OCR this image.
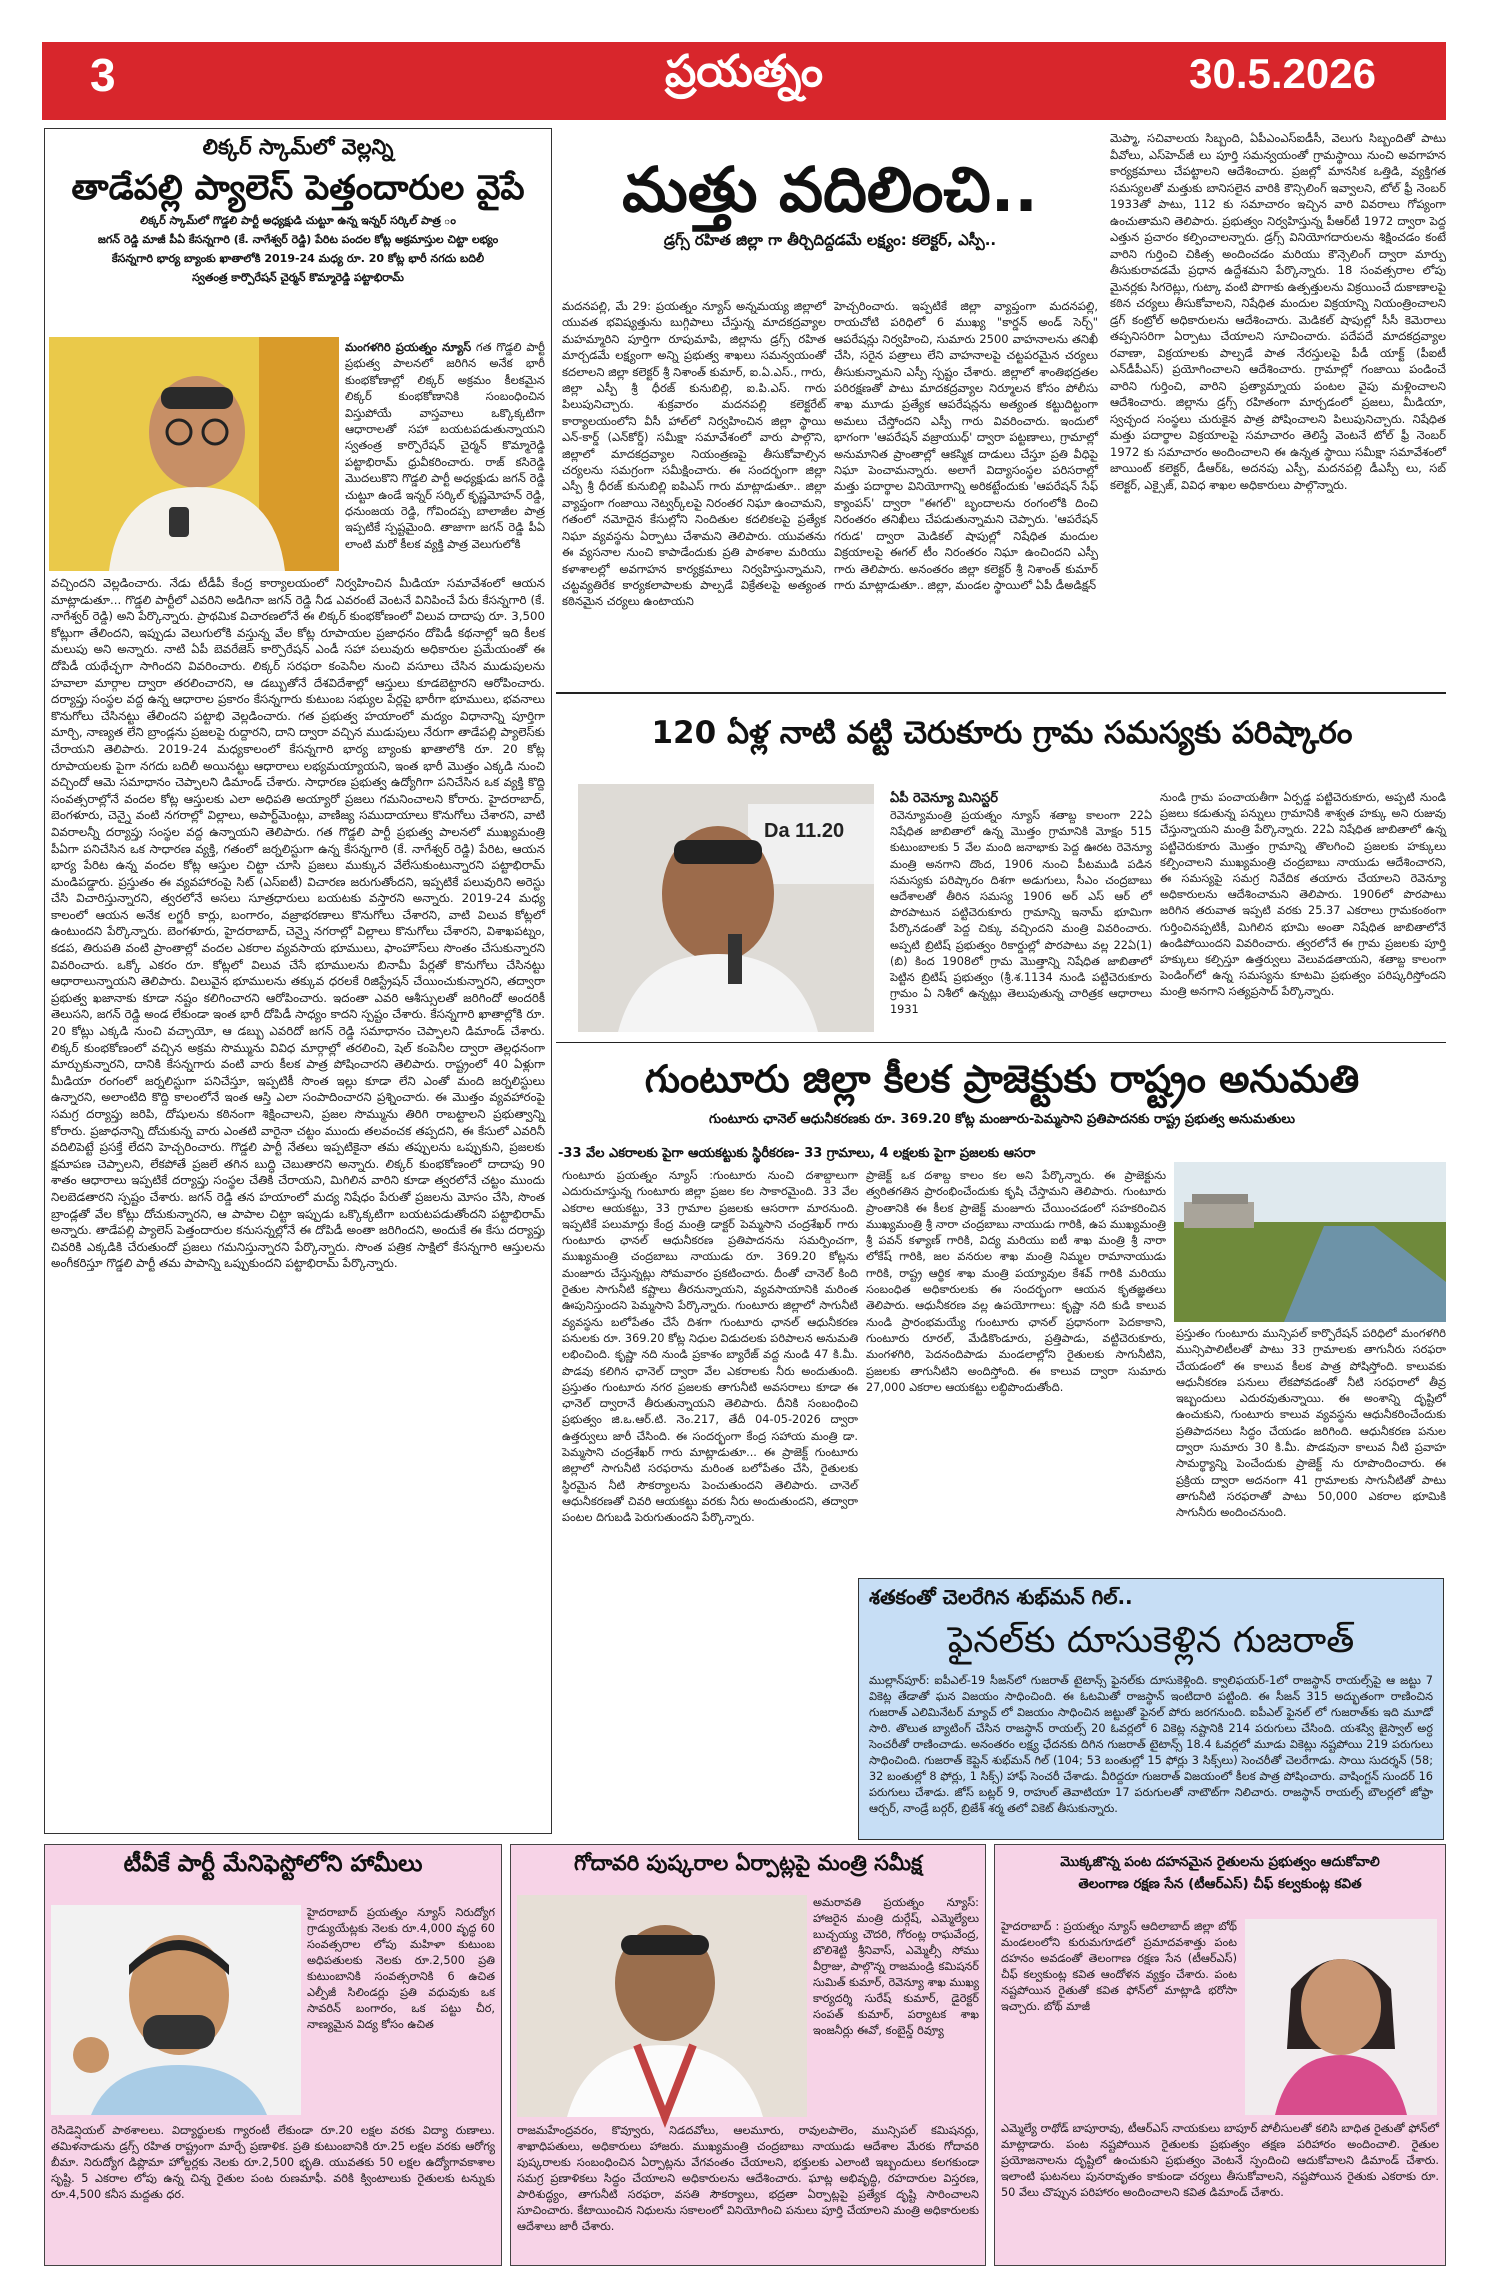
3	ప్రయత్నం	30.5.2026

లిక్కర్ స్కామ్‌లో వెల్లన్ని

తాడేపల్లి ప్యాలెస్ పెత్తందారుల వైపే

లిక్కర్ స్కామ్‌లో గొడ్డలి పార్టీ అధ్యక్షుడి చుట్టూ ఉన్న ఇన్నర్ సర్కిల్ పాత్ర ం

జగన్ రెడ్డి మాజీ పీఏ కేసన్నగారి (కే. నాగేశ్వర్ రెడ్డి) పేరిట పందల కోట్ల అక్రమాస్తుల చిట్టా లభ్యం

కేసన్నగారి భార్య బ్యాంకు ఖాతాలోకి 2019-24 మధ్య రూ. 20 కోట్ల భారీ నగదు బదిలీ

స్వతంత్ర కార్పొరేషన్ చైర్మన్ కొమ్మారెడ్డి పట్టాభిరామ్

మంగళగిరి ప్రయత్నం న్యూస్ గత గొడ్డలి పార్టీ ప్రభుత్వ పాలనలో జరిగిన అనేక భారీ కుంభకోణాల్లో లిక్కర్ అక్రమం కీలకమైన లిక్కర్ కుంభకోణానికి సంబంధించిన విస్తుపోయే వాస్తవాలు ఒక్కొక్కటిగా ఆధారాలతో సహా బయటపడుతున్నాయని స్వతంత్ర కార్పొరేషన్ చైర్మన్ కొమ్మారెడ్డి పట్టాభిరామ్ ధ్రువీకరించారు. రాజ్ కసిరెడ్డి మొదలుకొని గొడ్డలి పార్టీ అధ్యక్షుడు జగన్ రెడ్డి చుట్టూ ఉండే ఇన్నర్ సర్కిల్ కృష్ణమోహన్ రెడ్డి, ధనుంజయ రెడ్డి, గోవిందప్ప బాలాజీల పాత్ర ఇప్పటికే స్పష్టమైంది. తాజాగా జగన్ రెడ్డి పీఏ లాంటి మరో కీలక వ్యక్తి పాత్ర వెలుగులోకి

వచ్చిందని వెల్లడించారు. నేడు టీడీపీ కేంద్ర కార్యాలయంలో నిర్వహించిన మీడియా సమావేశంలో ఆయన మాట్లాడుతూ... గొడ్డలి పార్టీలో ఎవరిని అడిగినా జగన్ రెడ్డి నీడ ఎవరంటే వెంటనే వినిపించే పేరు కేసన్నగారి (కే. నాగేశ్వర్ రెడ్డి) అని పేర్కొన్నారు. ప్రాథమిక విచారణలోనే ఈ లిక్కర్ కుంభకోణంలో విలువ దాదాపు రూ. 3,500 కోట్లుగా తేలిందని, ఇప్పుడు వెలుగులోకి వస్తున్న వేల కోట్ల రూపాయల ప్రజాధనం దోపిడీ కథనాల్లో ఇది కీలక మలుపు అని అన్నారు. నాటి ఏపీ బెవరేజెస్ కార్పొరేషన్ ఎండీ సహా పలువురు అధికారుల ప్రమేయంతో ఈ దోపిడీ యథేచ్ఛగా సాగిందని వివరించారు. లిక్కర్ సరఫరా కంపెనీల నుంచి వసూలు చేసిన ముడుపులను హవాలా మార్గాల ద్వారా తరలించారని, ఆ డబ్బుతోనే దేశవిదేశాల్లో ఆస్తులు కూడబెట్టారని ఆరోపించారు. దర్యాప్తు సంస్థల వద్ద ఉన్న ఆధారాల ప్రకారం కేసన్నగారు కుటుంబ సభ్యుల పేర్లపై భారీగా భూములు, భవనాలు కొనుగోలు చేసినట్టు తేలిందని పట్టాభి వెల్లడించారు. గత ప్రభుత్వ హయాంలో మద్యం విధానాన్ని పూర్తిగా మార్చి, నాణ్యత లేని బ్రాండ్లను ప్రజలపై రుద్దారని, దాని ద్వారా వచ్చిన ముడుపులు నేరుగా తాడేపల్లి ప్యాలెస్‌కు చేరాయని తెలిపారు. 2019-24 మధ్యకాలంలో కేసన్నగారి భార్య బ్యాంకు ఖాతాలోకి రూ. 20 కోట్ల రూపాయలకు పైగా నగదు బదిలీ అయినట్టు ఆధారాలు లభ్యమయ్యాయని, ఇంత భారీ మొత్తం ఎక్కడి నుంచి వచ్చిందో ఆమె సమాధానం చెప్పాలని డిమాండ్ చేశారు. సాధారణ ప్రభుత్వ ఉద్యోగిగా పనిచేసిన ఒక వ్యక్తి కొద్ది సంవత్సరాల్లోనే వందల కోట్ల ఆస్తులకు ఎలా అధిపతి అయ్యారో ప్రజలు గమనించాలని కోరారు. హైదరాబాద్, బెంగళూరు, చెన్నై వంటి నగరాల్లో విల్లాలు, అపార్ట్‌మెంట్లు, వాణిజ్య సముదాయాలు కొనుగోలు చేశారని, వాటి వివరాలన్నీ దర్యాప్తు సంస్థల వద్ద ఉన్నాయని తెలిపారు. గత గొడ్డలి పార్టీ ప్రభుత్వ పాలనలో ముఖ్యమంత్రి పీఏగా పనిచేసిన ఒక సాధారణ వ్యక్తి, గతంలో జర్నలిస్టుగా ఉన్న కేసన్నగారి (కే. నాగేశ్వర్ రెడ్డి) పేరిట, ఆయన భార్య పేరిట ఉన్న వందల కోట్ల ఆస్తుల చిట్టా చూసి ప్రజలు ముక్కున వేలేసుకుంటున్నారని పట్టాభిరామ్ మండిపడ్డారు. ప్రస్తుతం ఈ వ్యవహారంపై సిట్ (ఎస్ఐటీ) విచారణ జరుగుతోందని, ఇప్పటికే పలువురిని అరెస్టు చేసి విచారిస్తున్నారని, త్వరలోనే అసలు సూత్రధారులు బయటకు వస్తారని అన్నారు. 2019-24 మధ్య కాలంలో ఆయన అనేక లగ్జరీ కార్లు, బంగారం, వజ్రాభరణాలు కొనుగోలు చేశారని, వాటి విలువ కోట్లలో ఉంటుందని పేర్కొన్నారు. బెంగళూరు, హైదరాబాద్, చెన్నై నగరాల్లో విల్లాలు కొనుగోలు చేశారని, విశాఖపట్నం, కడప, తిరుపతి వంటి ప్రాంతాల్లో వందల ఎకరాల వ్యవసాయ భూములు, ఫాంహౌస్‌లు సొంతం చేసుకున్నారని వివరించారు. ఒక్కో ఎకరం రూ. కోట్లలో విలువ చేసే భూములను బినామీ పేర్లతో కొనుగోలు చేసినట్టు ఆధారాలున్నాయని తెలిపారు. విలువైన భూములను తక్కువ ధరలకే రిజిస్ట్రేషన్ చేయించుకున్నారని, తద్వారా ప్రభుత్వ ఖజానాకు కూడా నష్టం కలిగించారని ఆరోపించారు. ఇదంతా ఎవరి ఆశీస్సులతో జరిగిందో అందరికీ తెలుసని, జగన్ రెడ్డి అండ లేకుండా ఇంత భారీ దోపిడీ సాధ్యం కాదని స్పష్టం చేశారు. కేసన్నగారి ఖాతాల్లోకి రూ. 20 కోట్లు ఎక్కడి నుంచి వచ్చాయో, ఆ డబ్బు ఎవరిదో జగన్ రెడ్డి సమాధానం చెప్పాలని డిమాండ్ చేశారు. లిక్కర్ కుంభకోణంలో వచ్చిన అక్రమ సొమ్మును వివిధ మార్గాల్లో తరలించి, షెల్ కంపెనీల ద్వారా తెల్లధనంగా మార్చుకున్నారని, దానికి కేసన్నగారు వంటి వారు కీలక పాత్ర పోషించారని తెలిపారు. రాష్ట్రంలో 40 ఏళ్లుగా మీడియా రంగంలో జర్నలిస్టుగా పనిచేస్తూ, ఇప్పటికీ సొంత ఇల్లు కూడా లేని ఎంతో మంది జర్నలిస్టులు ఉన్నారని, అలాంటిది కొద్ది కాలంలోనే ఇంత ఆస్తి ఎలా సంపాదించారని ప్రశ్నించారు. ఈ మొత్తం వ్యవహారంపై సమగ్ర దర్యాప్తు జరిపి, దోషులను కఠినంగా శిక్షించాలని, ప్రజల సొమ్మును తిరిగి రాబట్టాలని ప్రభుత్వాన్ని కోరారు. ప్రజాధనాన్ని దోచుకున్న వారు ఎంతటి వారైనా చట్టం ముందు తలవంచక తప్పదని, ఈ కేసులో ఎవరినీ వదిలిపెట్టే ప్రసక్తే లేదని హెచ్చరించారు. గొడ్డలి పార్టీ నేతలు ఇప్పటికైనా తమ తప్పులను ఒప్పుకుని, ప్రజలకు క్షమాపణ చెప్పాలని, లేకపోతే ప్రజలే తగిన బుద్ధి చెబుతారని అన్నారు. లిక్కర్ కుంభకోణంలో దాదాపు 90 శాతం ఆధారాలు ఇప్పటికే దర్యాప్తు సంస్థల చేతికి చేరాయని, మిగిలిన వారిని కూడా త్వరలోనే చట్టం ముందు నిలబెడతారని స్పష్టం చేశారు. జగన్ రెడ్డి తన హయాంలో మద్య నిషేధం పేరుతో ప్రజలను మోసం చేసి, సొంత బ్రాండ్లతో వేల కోట్లు దోచుకున్నారని, ఆ పాపాల చిట్టా ఇప్పుడు ఒక్కొక్కటిగా బయటపడుతోందని పట్టాభిరామ్ అన్నారు. తాడేపల్లి ప్యాలెస్ పెత్తందారుల కనుసన్నల్లోనే ఈ దోపిడీ అంతా జరిగిందని, అందుకే ఈ కేసు దర్యాప్తు చివరికి ఎక్కడికి చేరుతుందో ప్రజలు గమనిస్తున్నారని పేర్కొన్నారు. సొంత పత్రిక సాక్షిలో కేసన్నగారి ఆస్తులను అంగీకరిస్తూ గొడ్డలి పార్టీ తమ పాపాన్ని ఒప్పుకుందని పట్టాభిరామ్ పేర్కొన్నారు.

మత్తు వదిలించి..

డ్రగ్స్ రహిత జిల్లా గా తీర్చిదిద్దడమే లక్ష్యం: కలెక్టర్, ఎస్పీ..

మదనపల్లి, మే 29: ప్రయత్నం న్యూస్ అన్నమయ్య జిల్లాలో యువత భవిష్యత్తును బుగ్గిపాలు చేస్తున్న మాదకద్రవ్యాల మహమ్మారిని పూర్తిగా రూపుమాపి, జిల్లాను డ్రగ్స్ రహిత మార్చడమే లక్ష్యంగా అన్ని ప్రభుత్వ శాఖలు సమన్వయంతో కదలాలని జిల్లా కలెక్టర్ శ్రీ నిశాంత్ కుమార్, ఐ.ఏ.ఎస్., గారు, జిల్లా ఎస్పీ శ్రీ ధీరజ్ కునుబిల్లి, ఐ.పి.ఎస్. గారు పిలుపునిచ్చారు. శుక్రవారం మదనపల్లి కలెక్టరేట్ కార్యాలయంలోని వీసీ హాల్‌లో నిర్వహించిన జిల్లా స్థాయి ఎన్‌-కార్డ్ (ఎన్‌కోర్డ్) సమీక్షా సమావేశంలో వారు పాల్గొని, జిల్లాలో మాదకద్రవ్యాల నియంత్రణపై తీసుకోవాల్సిన చర్యలను సమగ్రంగా సమీక్షించారు. ఈ సందర్భంగా జిల్లా ఎస్పీ శ్రీ ధీరజ్ కునుబిల్లి ఐపిఎస్ గారు మాట్లాడుతూ.. జిల్లా వ్యాప్తంగా గంజాయి నెట్వర్క్‌లపై నిరంతర నిఘా ఉంచామని, గతంలో నమోదైన కేసుల్లోని నిందితుల కదలికలపై ప్రత్యేక నిఘా వ్యవస్థను ఏర్పాటు చేశామని తెలిపారు. యువతను ఈ వ్యసనాల నుంచి కాపాడేందుకు ప్రతి పాఠశాల మరియు కళాశాలల్లో అవగాహన కార్యక్రమాలు నిర్వహిస్తున్నామని, చట్టవ్యతిరేక కార్యకలాపాలకు పాల్పడే విక్రేతలపై అత్యంత కఠినమైన చర్యలు ఉంటాయని

హెచ్చరించారు. ఇప్పటికే జిల్లా వ్యాప్తంగా మదనపల్లి, రాయచోటి పరిధిలో 6 ముఖ్య "కార్డన్ అండ్ సెర్చ్" ఆపరేషన్లు నిర్వహించి, సుమారు 2500 వాహనాలను తనిఖీ చేసి, సరైన పత్రాలు లేని వాహనాలపై చట్టపరమైన చర్యలు తీసుకున్నామని ఎస్పీ స్పష్టం చేశారు. జిల్లాలో శాంతిభద్రతల పరిరక్షణతో పాటు మాదకద్రవ్యాల నిర్మూలన కోసం పోలీసు శాఖ మూడు ప్రత్యేక ఆపరేషన్లను అత్యంత కట్టుదిట్టంగా అమలు చేస్తోందని ఎస్పీ గారు వివరించారు. ఇందులో భాగంగా 'ఆపరేషన్ వజ్రాయుధ్' ద్వారా పట్టణాలు, గ్రామాల్లో అనుమానిత ప్రాంతాల్లో ఆకస్మిక దాడులు చేస్తూ ప్రతి వీధిపై నిఘా పెంచామన్నారు. అలాగే విద్యాసంస్థల పరిసరాల్లో మత్తు పదార్థాల వినియోగాన్ని అరికట్టేందుకు 'ఆపరేషన్ సేఫ్ క్యాంపస్' ద్వారా "ఈగల్" బృందాలను రంగంలోకి దించి నిరంతరం తనిఖీలు చేపడుతున్నామని చెప్పారు. 'ఆపరేషన్ గరుడ' ద్వారా మెడికల్ షాపుల్లో నిషేధిత మందుల విక్రయాలపై ఈగల్ టీం నిరంతరం నిఘా ఉంచిందని ఎస్పీ గారు తెలిపారు. అనంతరం జిల్లా కలెక్టర్ శ్రీ నిశాంత్ కుమార్ గారు మాట్లాడుతూ.. జిల్లా, మండల స్థాయిలో ఏపీ డీఅడిక్షన్

మెప్మా, సచివాలయ సిబ్బంది, ఏపీఎంఎస్ఐడీసీ, వెలుగు సిబ్బందితో పాటు వీవోలు, ఎస్‌హెచ్‌జీ లు పూర్తి సమన్వయంతో గ్రామస్థాయి నుంచి అవగాహన కార్యక్రమాలు చేపట్టాలని ఆదేశించారు. ప్రజల్లో మానసిక ఒత్తిడి, వ్యక్తిగత సమస్యలతో మత్తుకు బానిసలైన వారికి కౌన్సిలింగ్ ఇవ్వాలని, టోల్ ఫ్రీ నెంబర్ 1933తో పాటు, 112 కు సమాచారం ఇచ్చిన వారి వివరాలు గోప్యంగా ఉంచుతామని తెలిపారు. ప్రభుత్వం నిర్వహిస్తున్న పీఆర్‌టీ 1972 ద్వారా పెద్ద ఎత్తున ప్రచారం కల్పించాలన్నారు. డ్రగ్స్ వినియోగదారులను శిక్షించడం కంటే వారిని గుర్తించి చికిత్స అందించడం మరియు కౌన్సెలింగ్ ద్వారా మార్పు తీసుకురావడమే ప్రధాన ఉద్దేశమని పేర్కొన్నారు. 18 సంవత్సరాల లోపు మైనర్లకు సిగరెట్లు, గుట్కా వంటి పొగాకు ఉత్పత్తులను విక్రయించే దుకాణాలపై కఠిన చర్యలు తీసుకోవాలని, నిషేధిత మందుల విక్రయాన్ని నియంత్రించాలని డ్రగ్ కంట్రోల్ అధికారులను ఆదేశించారు. మెడికల్ షాపుల్లో సీసీ కెమెరాలు తప్పనిసరిగా ఏర్పాటు చేయాలని సూచించారు. పదేపదే మాదకద్రవ్యాల రవాణా, విక్రయాలకు పాల్పడే పాత నేరస్తులపై పీడీ యాక్ట్ (పీఐటీ ఎన్‌డీపీఎస్) ప్రయోగించాలని ఆదేశించారు. గ్రామాల్లో గంజాయి పండించే వారిని గుర్తించి, వారిని ప్రత్యామ్నాయ పంటల వైపు మళ్లించాలని ఆదేశించారు. జిల్లాను డ్రగ్స్ రహితంగా మార్చడంలో ప్రజలు, మీడియా, స్వచ్ఛంద సంస్థలు చురుకైన పాత్ర పోషించాలని పిలుపునిచ్చారు. నిషేధిత మత్తు పదార్థాల విక్రయాలపై సమాచారం తెలిస్తే వెంటనే టోల్ ఫ్రీ నెంబర్ 1972 కు సమాచారం అందించాలని ఈ ఉన్నత స్థాయి సమీక్షా సమావేశంలో జాయింట్ కలెక్టర్, డీఆర్‌ఓ, అదనపు ఎస్పీ, మదనపల్లి డీఎస్పీ లు, సబ్ కలెక్టర్, ఎక్సైజ్, వివిధ శాఖల అధికారులు పాల్గొన్నారు.

120 ఏళ్ల నాటి వట్టి చెరుకూరు గ్రామ సమస్యకు పరిష్కారం

Da 11.20

ఏపీ రెవెన్యూ మినిస్టర్

రెవెన్యూమంత్రి ప్రయత్నం న్యూస్ శతాబ్ద కాలంగా 22ఏ నిషేధిత జాబితాలో ఉన్న మొత్తం గ్రామానికి మోక్షం 515 కుటుంబాలకు 5 వేల మంది జనాభాకు పెద్ద ఊరట రెవెన్యూ మంత్రి అనగాని దొంద, 1906 నుంచి పీటముడి పడిన సమస్యకు పరిష్కారం దిశగా అడుగులు, సీఎం చంద్రబాబు ఆదేశాలతో తీరిన సమస్య 1906 అర్ ఎస్ ఆర్ లో పొరపాటున పట్టిచెరుకూరు గ్రామాన్ని ఇనామ్ భూమిగా పేర్కొనడంతో పెద్ద చిక్కు వచ్చిందని మంత్రి వివరించారు. అప్పటి బ్రిటిష్ ప్రభుత్వం రికార్డుల్లో పొరపాటు వల్ల 22ఏ(1)(బి) కింద 1908లో గ్రామ మొత్తాన్ని నిషేధిత జాబితాలో పెట్టిన బ్రిటిష్ ప్రభుత్వం (శ్రీ.శ.1134 నుండి పట్టిచెరుకూరు గ్రామం ఏ నిశీలో ఉన్నట్లు తెలుపుతున్న చారిత్రక ఆధారాలు 1931

నుండి గ్రామ పంచాయతీగా ఏర్పడ్డ పట్టిచెరుకూరు, అప్పటి నుండి ప్రజలు కడుతున్న పన్నులు గ్రామానికి శాశ్వత హక్కు అని రుజువు చేస్తున్నాయని మంత్రి పేర్కొన్నారు. 22ఏ నిషేధిత జాబితాలో ఉన్న పట్టిచెరుకూరు మొత్తం గ్రామాన్ని తొలగించి ప్రజలకు హక్కులు కల్పించాలని ముఖ్యమంత్రి చంద్రబాబు నాయుడు ఆదేశించారని, ఈ సమస్యపై సమగ్ర నివేదిక తయారు చేయాలని రెవెన్యూ అధికారులను ఆదేశించామని తెలిపారు. 1906లో పొరపాటు జరిగిన తరువాత ఇప్పటి వరకు 25.37 ఎకరాలు గ్రామకంఠంగా గుర్తించినప్పటికీ, మిగిలిన భూమి అంతా నిషేధిత జాబితాలోనే ఉండిపోయిందని వివరించారు. త్వరలోనే ఈ గ్రామ ప్రజలకు పూర్తి హక్కులు కల్పిస్తూ ఉత్తర్వులు వెలువడతాయని, శతాబ్ద కాలంగా పెండింగ్‌లో ఉన్న సమస్యను కూటమి ప్రభుత్వం పరిష్కరిస్తోందని మంత్రి అనగాని సత్యప్రసాద్ పేర్కొన్నారు.

గుంటూరు జిల్లా కీలక ప్రాజెక్టుకు రాష్ట్రం అనుమతి

గుంటూరు ఛానెల్ ఆధునీకరణకు రూ. 369.20 కోట్ల మంజూరు-పెమ్మసాని ప్రతిపాదనకు రాష్ట్ర ప్రభుత్వ అనుమతులు

-33 వేల ఎకరాలకు పైగా ఆయకట్టుకు స్థిరీకరణ- 33 గ్రామాలు, 4 లక్షలకు పైగా ప్రజలకు ఆసరా

గుంటూరు ప్రయత్నం న్యూస్ :గుంటూరు నుంచి దశాబ్దాలుగా ఎదురుచూస్తున్న గుంటూరు జిల్లా ప్రజల కల సాకారమైంది. 33 వేల ఎకరాల ఆయకట్టు, 33 గ్రామాల ప్రజలకు ఆసరాగా మారనుంది. ఇప్పటికే పలుమార్లు కేంద్ర మంత్రి డాక్టర్ పెమ్మసాని చంద్రశేఖర్ గారు గుంటూరు ఛానల్ ఆధునీకరణ ప్రతిపాదనను సమర్పించగా, ముఖ్యమంత్రి చంద్రబాబు నాయుడు రూ. 369.20 కోట్లను మంజూరు చేస్తున్నట్లు సోమవారం ప్రకటించారు. దీంతో చానెల్ కింది రైతుల సాగునీటి కష్టాలు తీరనున్నాయని, వ్యవసాయానికి మరింత ఊపునిస్తుందని పెమ్మసాని పేర్కొన్నారు. గుంటూరు జిల్లాలో సాగునీటి వ్యవస్థను బలోపేతం చేసే దిశగా గుంటూరు ఛానల్ ఆధునీకరణ పనులకు రూ. 369.20 కోట్ల నిధుల విడుదలకు పరిపాలన అనుమతి లభించింది. కృష్ణా నది నుండి ప్రకాశం బ్యారేజ్ వద్ద నుండి 47 కి.మీ. పొడవు కలిగిన ఛానెల్ ద్వారా వేల ఎకరాలకు నీరు అందుతుంది. ప్రస్తుతం గుంటూరు నగర ప్రజలకు తాగునీటి అవసరాలు కూడా ఈ ఛానెల్ ద్వారానే తీరుతున్నాయని తెలిపారు. దీనికి సంబంధించి ప్రభుత్వం జి.ఒ.ఆర్.టి. నెం.217, తేదీ 04-05-2026 ద్వారా ఉత్తర్వులు జారీ చేసింది. ఈ సందర్భంగా కేంద్ర సహాయ మంత్రి డా. పెమ్మసాని చంద్రశేఖర్ గారు మాట్లాడుతూ... ఈ ప్రాజెక్ట్ గుంటూరు జిల్లాలో సాగునీటి సరఫరాను మరింత బలోపేతం చేసి, రైతులకు స్థిరమైన నీటి సౌకర్యాలను పెంచుతుందని తెలిపారు. చానెల్ ఆధునీకరణతో చివరి ఆయకట్టు వరకు నీరు అందుతుందని, తద్వారా పంటల దిగుబడి పెరుగుతుందని పేర్కొన్నారు.

ప్రాజెక్ట్ ఒక దశాబ్ద కాలం కల అని పేర్కొన్నారు. ఈ ప్రాజెక్టును త్వరితగతిన ప్రారంభించేందుకు కృషి చేస్తామని తెలిపారు. గుంటూరు ప్రాంతానికి ఈ కీలక ప్రాజెక్ట్ మంజూరు చేయించడంలో సహకరించిన ముఖ్యమంత్రి శ్రీ నారా చంద్రబాబు నాయుడు గారికి, ఉప ముఖ్యమంత్రి శ్రీ పవన్ కళ్యాణ్ గారికి, విద్య మరియు ఐటీ శాఖ మంత్రి శ్రీ నారా లోకేష్ గారికి, జల వనరుల శాఖ మంత్రి నిమ్మల రామానాయుడు గారికి, రాష్ట్ర ఆర్థిక శాఖ మంత్రి పయ్యావుల కేశవ్ గారికి మరియు సంబంధిత అధికారులకు ఈ సందర్భంగా ఆయన కృతజ్ఞతలు తెలిపారు. ఆధునీకరణ వల్ల ఉపయోగాలు: కృష్ణా నది కుడి కాలువ నుండి ప్రారంభమయ్యే గుంటూరు ఛానల్ ప్రధానంగా పెదకాకాని, గుంటూరు రూరల్, మేడికొండూరు, ప్రత్తిపాడు, వట్టిచెరుకూరు, మంగళగిరి, పెదనందిపాడు మండలాల్లోని రైతులకు సాగునీటిని, ప్రజలకు తాగునీటిని అందిస్తోంది. ఈ కాలువ ద్వారా సుమారు 27,000 ఎకరాల ఆయకట్టు లబ్ధిపొందుతోంది.

ప్రస్తుతం గుంటూరు మున్సిపల్ కార్పొరేషన్ పరిధిలో మంగళగిరి మున్సిపాలిటీలతో పాటు 33 గ్రామాలకు తాగునీరు సరఫరా చేయడంలో ఈ కాలువ కీలక పాత్ర పోషిస్తోంది. కాలువకు ఆధునీకరణ పనులు లేకపోవడంతో నీటి సరఫరాలో తీవ్ర ఇబ్బందులు ఎదురవుతున్నాయి. ఈ అంశాన్ని దృష్టిలో ఉంచుకుని, గుంటూరు కాలువ వ్యవస్థను ఆధునీకరించేందుకు ప్రతిపాదనలు సిద్ధం చేయడం జరిగింది. ఆధునీకరణ పనుల ద్వారా సుమారు 30 కి.మీ. పొడవునా కాలువ నీటి ప్రవాహ సామర్థ్యాన్ని పెంచేందుకు ప్రాజెక్ట్ ను రూపొందించారు. ఈ ప్రక్రియ ద్వారా అదనంగా 41 గ్రామాలకు సాగునీటితో పాటు తాగునీటి సరఫరాతో పాటు 50,000 ఎకరాల భూమికి సాగునీరు అందించనుంది.

శతకంతో చెలరేగిన శుభ్‌మన్ గిల్..

ఫైనల్‌కు దూసుకెళ్లిన గుజరాత్

ముల్లాన్‌పూర్: ఐపీఎల్-19 సీజన్‌లో గుజరాత్ టైటాన్స్ ఫైనల్‌కు దూసుకెళ్లింది. క్వాలిఫయర్-1లో రాజస్థాన్ రాయల్స్‌పై ఆ జట్టు 7 వికెట్ల తేడాతో ఘన విజయం సాధించింది. ఈ ఓటమితో రాజస్థాన్ ఇంటిదారి పట్టింది. ఈ సీజన్ 315 అద్భుతంగా రాణించిన గుజరాత్ ఎలిమినేటర్ మ్యాచ్ లో విజయం సాధించిన జట్టుతో ఫైనల్ పోరు జరగనుంది. ఐపీఎల్ ఫైనల్ లో గుజరాత్‌కు ఇది మూడో సారి. తొలుత బ్యాటింగ్ చేసిన రాజస్థాన్ రాయల్స్ 20 ఓవర్లలో 6 వికెట్ల నష్టానికి 214 పరుగులు చేసింది. యశస్వి జైస్వాల్ అర్ధ సెంచరీతో రాణించాడు. అనంతరం లక్ష్య ఛేదనకు దిగిన గుజరాత్ టైటాన్స్ 18.4 ఓవర్లలో మూడు వికెట్లు నష్టపోయి 219 పరుగులు సాధించింది. గుజరాత్ కెప్టెన్ శుభ్‌మన్ గిల్ (104; 53 బంతుల్లో 15 ఫోర్లు 3 సిక్స్‌లు) సెంచరీతో చెలరేగాడు. సాయి సుదర్శన్ (58; 32 బంతుల్లో 8 ఫోర్లు, 1 సిక్స్) హాఫ్ సెంచరీ చేశాడు. వీరిద్దరూ గుజరాత్ విజయంలో కీలక పాత్ర పోషించారు. వాషింగ్టన్ సుందర్ 16 పరుగులు చేశాడు. జోస్ బట్లర్ 9, రాహుల్ తెవాటియా 17 పరుగులతో నాటౌట్‌గా నిలిచారు. రాజస్థాన్ రాయల్స్ బౌలర్లలో జోఫ్రా ఆర్చర్, నాండ్రే బర్గర్, బ్రిజేశ్ శర్మ తలో వికెట్ తీసుకున్నారు.

టీవీకే పార్టీ మేనిఫెస్టోలోని హామీలు

హైదరాబాద్ ప్రయత్నం న్యూస్ నిరుద్యోగ గ్రాడ్యుయేట్లకు నెలకు రూ.4,000 వృద్ధ 60 సంవత్సరాల లోపు మహిళా కుటుంబ అధిపతులకు నెలకు రూ.2,500 ప్రతి కుటుంబానికి సంవత్సరానికి 6 ఉచిత ఎల్పీజీ సిలిండర్లు ప్రతి వధువుకు ఒక సావరిన్ బంగారం, ఒక పట్టు చీర, నాణ్యమైన విద్య కోసం ఉచిత

రెసిడెన్షియల్ పాఠశాలలు. విద్యార్థులకు గ్యారంటీ లేకుండా రూ.20 లక్షల వరకు విద్యా రుణాలు. తమిళనాడును డ్రగ్స్ రహిత రాష్ట్రంగా మార్చే ప్రణాళిక. ప్రతి కుటుంబానికి రూ.25 లక్షల వరకు ఆరోగ్య బీమా. నిరుద్యోగ డిప్లొమా హోల్డర్లకు నెలకు రూ.2,500 భృతి. యువతకు 50 లక్షల ఉద్యోగావకాశాల సృష్టి. 5 ఎకరాల లోపు ఉన్న చిన్న రైతుల పంట రుణమాఫీ. వరికి క్వింటాలుకు రైతులకు టన్నుకు రూ.4,500 కనీస మద్దతు ధర.

గోదావరి పుష్కరాల ఏర్పాట్లపై మంత్రి సమీక్ష

అమరావతి ప్రయత్నం న్యూస్: హాజరైన మంత్రి దుర్గేష్, ఎమ్మెల్యేలు బుచ్చయ్య చౌదరి, గోరంట్ల రాఘవేంద్ర, బొలిశెట్టి శ్రీనివాస్, ఎమ్మెల్సీ సోము వీర్రాజు, పాల్గొన్న రాజమండ్రి కమిషనర్ సుమిత్ కుమార్, రెవెన్యూ శాఖ ముఖ్య కార్యదర్శి సురేష్ కుమార్, డైరెక్టర్ సంపత్ కుమార్, పర్యాటక శాఖ ఇంజనీర్లు ఈవో, కంబైన్డ్ రివ్యూ

రాజమహేంద్రవరం, కొవ్వూరు, నిడదవోలు, ఆలమూరు, రావులపాలెం, మున్సిపల్ కమిషనర్లు, శాఖాధిపతులు, అధికారులు హాజరు. ముఖ్యమంత్రి చంద్రబాబు నాయుడు ఆదేశాల మేరకు గోదావరి పుష్కరాలకు సంబంధించిన ఏర్పాట్లను వేగవంతం చేయాలని, భక్తులకు ఎలాంటి ఇబ్బందులు కలగకుండా సమగ్ర ప్రణాళికలు సిద్ధం చేయాలని అధికారులను ఆదేశించారు. ఘాట్ల అభివృద్ధి, రహదారుల విస్తరణ, పారిశుద్ధ్యం, తాగునీటి సరఫరా, వసతి సౌకర్యాలు, భద్రతా ఏర్పాట్లపై ప్రత్యేక దృష్టి సారించాలని సూచించారు. కేటాయించిన నిధులను సకాలంలో వినియోగించి పనులు పూర్తి చేయాలని మంత్రి అధికారులకు ఆదేశాలు జారీ చేశారు.

మొక్కజొన్న పంట దహనమైన రైతులను ప్రభుత్వం ఆదుకోవాలి

తెలంగాణ రక్షణ సేన (టీఆర్ఎస్) చీఫ్ కల్వకుంట్ల కవిత

హైదరాబాద్ : ప్రయత్నం న్యూస్ ఆదిలాబాద్ జిల్లా బోథ్ మండలంలోని కురుమగూడలో ప్రమాదవశాత్తు పంట దహనం అవడంతో తెలంగాణ రక్షణ సేన (టీఆర్ఎస్) చీఫ్ కల్వకుంట్ల కవిత ఆందోళన వ్యక్తం చేశారు. పంట నష్టపోయిన రైతుతో కవిత ఫోన్‌లో మాట్లాడి భరోసా ఇచ్చారు. బోథ్ మాజీ

ఎమ్మెల్యే రాథోడ్ బాపూరావు, టీఆర్ఎస్ నాయకులు బాపూర్ పోలీసులతో కలిసి బాధిత రైతుతో ఫోన్‌లో మాట్లాడారు. పంట నష్టపోయిన రైతులకు ప్రభుత్వం తక్షణ పరిహారం అందించాలి. రైతుల ప్రయోజనాలను దృష్టిలో ఉంచుకుని ప్రభుత్వం వెంటనే స్పందించి ఆదుకోవాలని డిమాండ్ చేశారు. ఇలాంటి ఘటనలు పునరావృతం కాకుండా చర్యలు తీసుకోవాలని, నష్టపోయిన రైతుకు ఎకరాకు రూ. 50 వేలు చొప్పున పరిహారం అందించాలని కవిత డిమాండ్ చేశారు.
